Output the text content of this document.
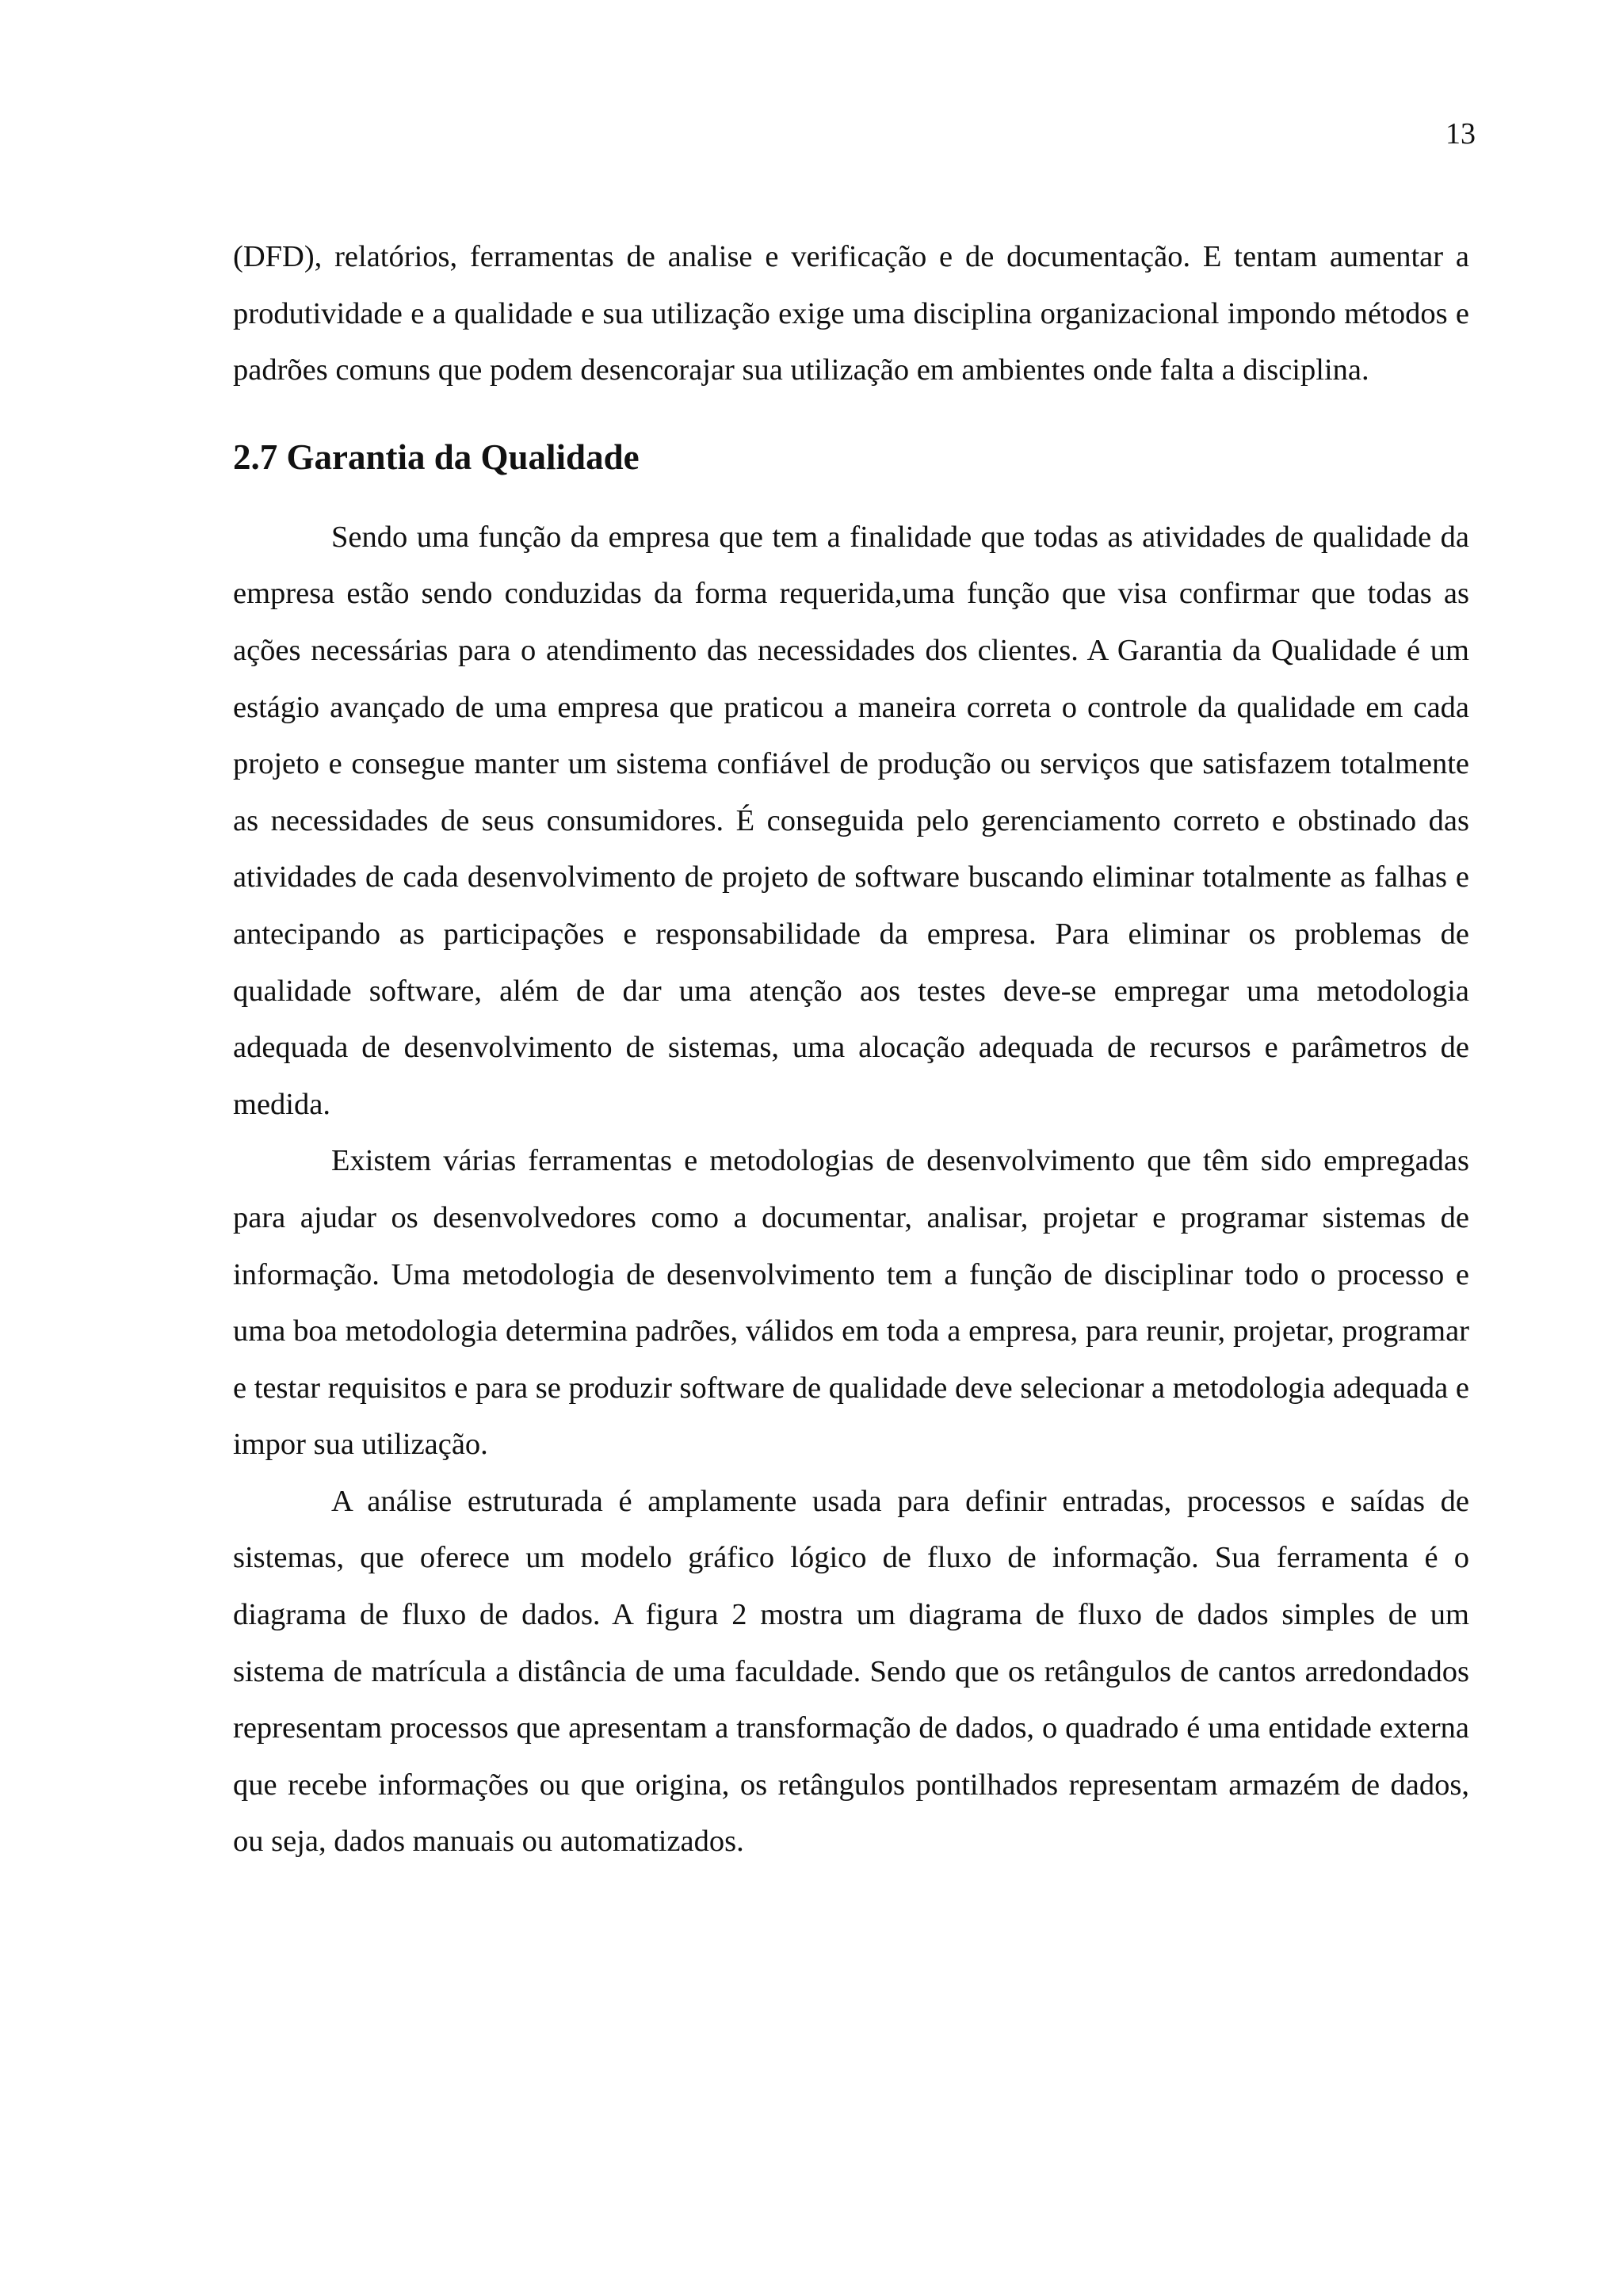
13

(DFD), relatórios, ferramentas de analise e verificação e de documentação. E tentam aumentar a produtividade e a qualidade e sua utilização exige uma disciplina organizacional impondo métodos e padrões comuns que podem desencorajar sua utilização em ambientes onde falta a disciplina.

2.7 Garantia da Qualidade

Sendo uma função da empresa que tem a finalidade que todas as atividades de qualidade da empresa estão sendo conduzidas da forma requerida,uma função que visa confirmar que todas as ações necessárias para o atendimento das necessidades dos clientes. A Garantia da Qualidade é um estágio avançado de uma empresa que praticou a maneira correta o controle da qualidade em cada projeto e consegue manter um sistema confiável de produção ou serviços que satisfazem totalmente as necessidades de seus consumidores. É conseguida pelo gerenciamento correto e obstinado das atividades de cada desenvolvimento de projeto de software buscando eliminar totalmente as falhas e antecipando as participações e responsabilidade da empresa. Para eliminar os problemas de qualidade software, além de dar uma atenção aos testes deve-se empregar uma metodologia adequada de desenvolvimento de sistemas, uma alocação adequada de recursos e parâmetros de medida.

Existem várias ferramentas e metodologias de desenvolvimento que têm sido empregadas para ajudar os desenvolvedores como a documentar, analisar, projetar e programar sistemas de informação. Uma metodologia de desenvolvimento tem a função de disciplinar todo o processo e uma boa metodologia determina padrões, válidos em toda a empresa, para reunir, projetar, programar e testar requisitos e para se produzir software de qualidade deve selecionar a metodologia adequada e impor sua utilização.

A análise estruturada é amplamente usada para definir entradas, processos e saídas de sistemas, que oferece um modelo gráfico lógico de fluxo de informação. Sua ferramenta é o diagrama de fluxo de dados. A figura 2 mostra um diagrama de fluxo de dados simples de um sistema de matrícula a distância de uma faculdade. Sendo que os retângulos de cantos arredondados representam processos que apresentam a transformação de dados, o quadrado é uma entidade externa que recebe informações ou que origina, os retângulos pontilhados representam armazém de dados, ou seja, dados manuais ou automatizados.
